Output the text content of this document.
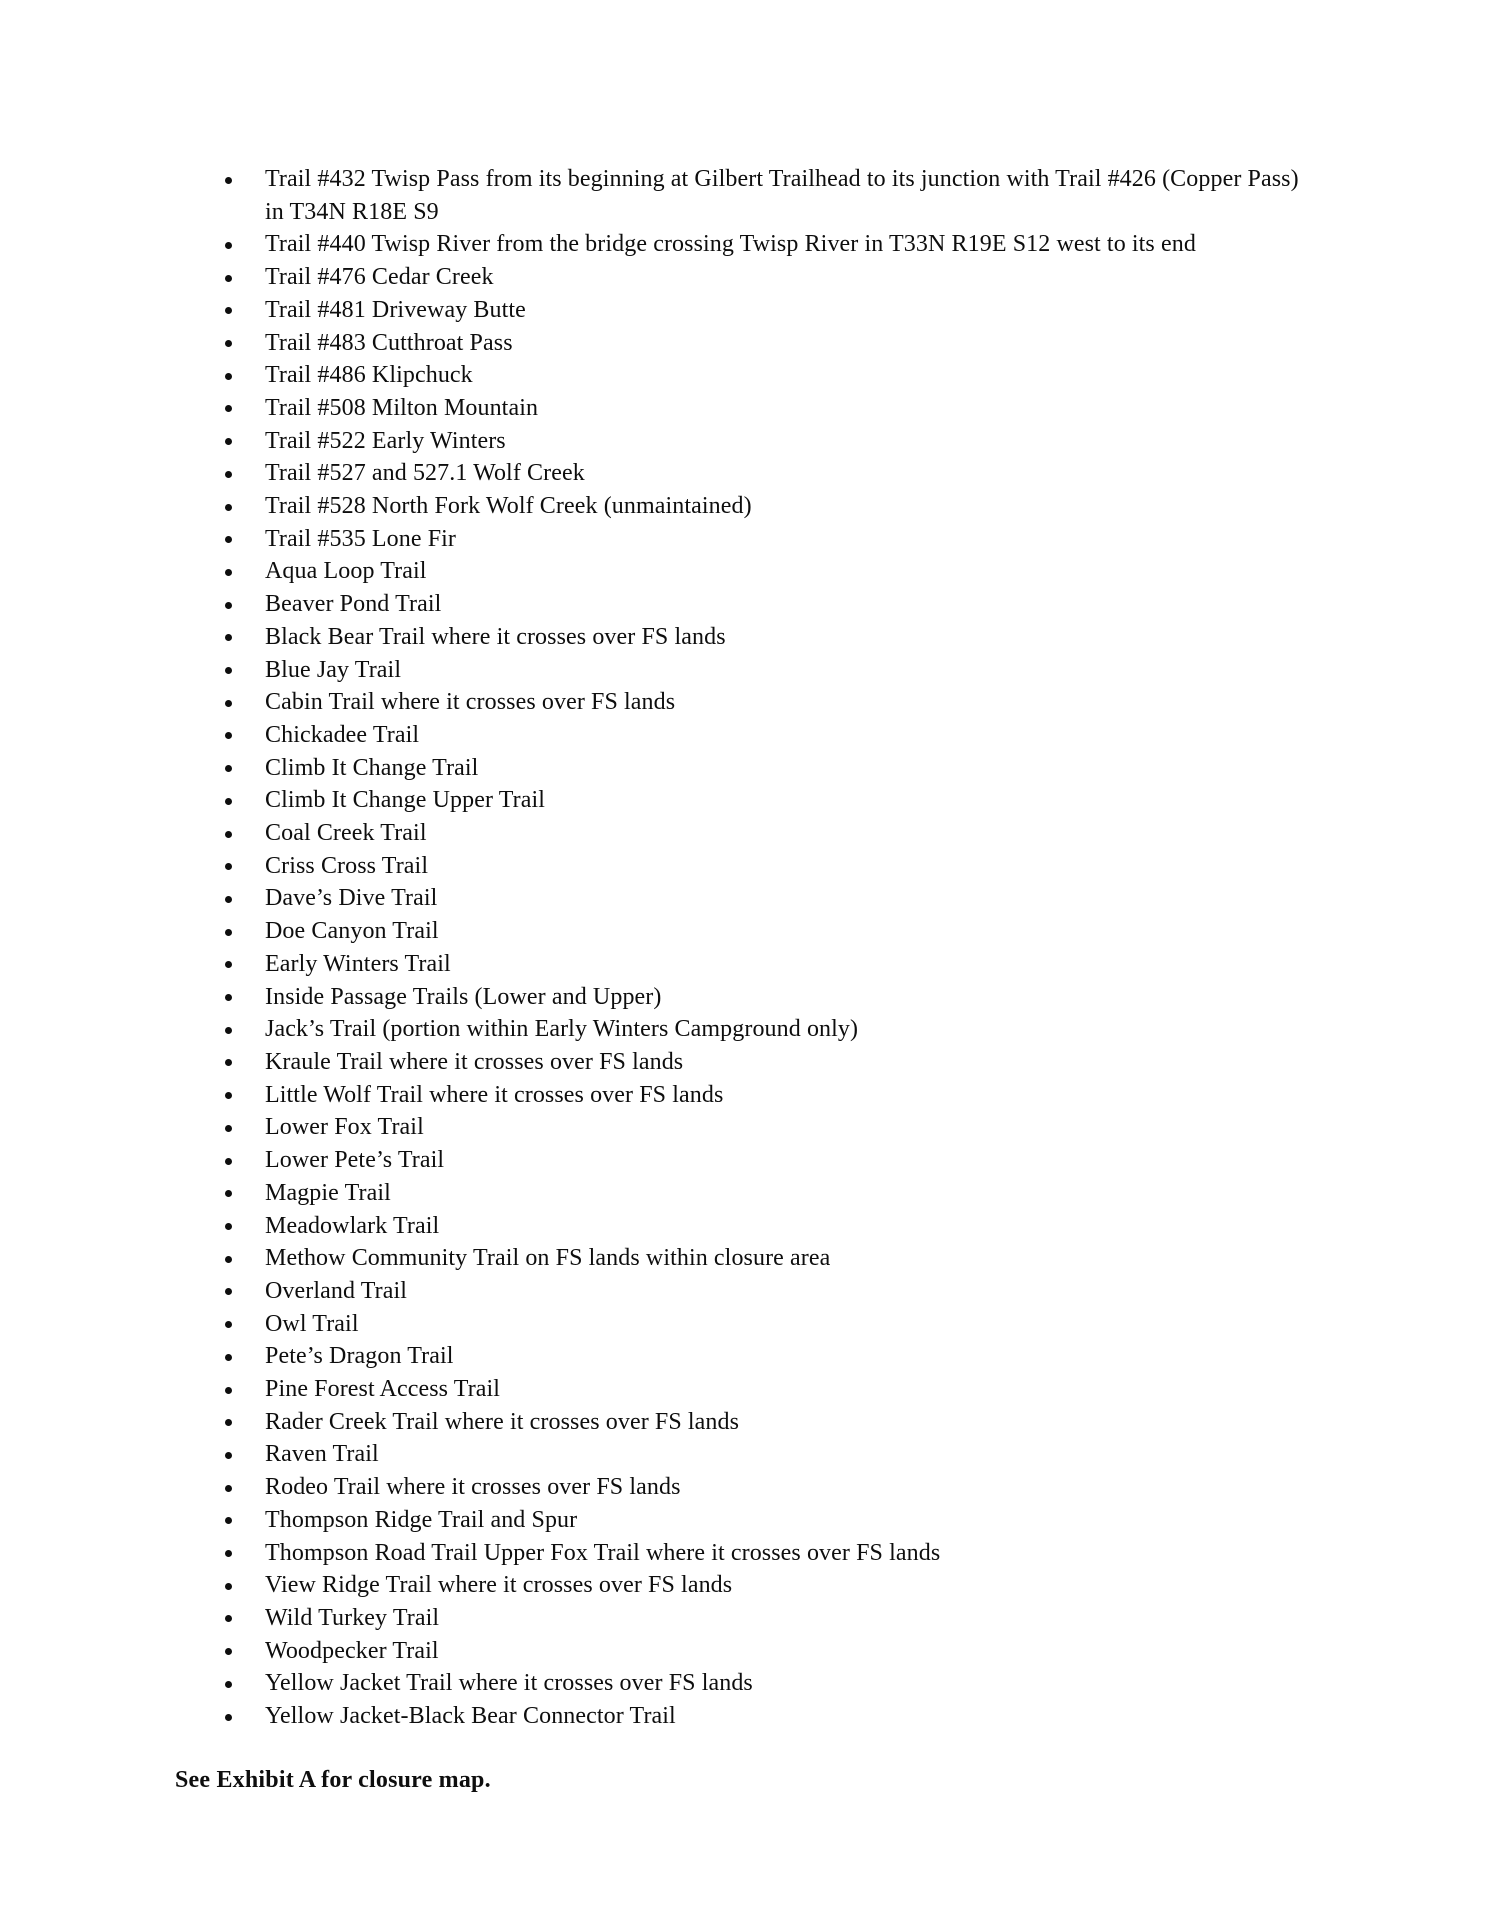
Trail #432 Twisp Pass from its beginning at Gilbert Trailhead to its junction with Trail #426 (Copper Pass) in T34N R18E S9
Trail #440 Twisp River from the bridge crossing Twisp River in T33N R19E S12 west to its end
Trail #476 Cedar Creek
Trail #481 Driveway Butte
Trail #483 Cutthroat Pass
Trail #486 Klipchuck
Trail #508 Milton Mountain
Trail #522 Early Winters
Trail #527 and 527.1 Wolf Creek
Trail #528 North Fork Wolf Creek (unmaintained)
Trail #535 Lone Fir
Aqua Loop Trail
Beaver Pond Trail
Black Bear Trail where it crosses over FS lands
Blue Jay Trail
Cabin Trail where it crosses over FS lands
Chickadee Trail
Climb It Change Trail
Climb It Change Upper Trail
Coal Creek Trail
Criss Cross Trail
Dave’s Dive Trail
Doe Canyon Trail
Early Winters Trail
Inside Passage Trails (Lower and Upper)
Jack’s Trail (portion within Early Winters Campground only)
Kraule Trail where it crosses over FS lands
Little Wolf Trail where it crosses over FS lands
Lower Fox Trail
Lower Pete’s Trail
Magpie Trail
Meadowlark Trail
Methow Community Trail on FS lands within closure area
Overland Trail
Owl Trail
Pete’s Dragon Trail
Pine Forest Access Trail
Rader Creek Trail where it crosses over FS lands
Raven Trail
Rodeo Trail where it crosses over FS lands
Thompson Ridge Trail and Spur
Thompson Road Trail Upper Fox Trail where it crosses over FS lands
View Ridge Trail where it crosses over FS lands
Wild Turkey Trail
Woodpecker Trail
Yellow Jacket Trail where it crosses over FS lands
Yellow Jacket-Black Bear Connector Trail

See Exhibit A for closure map.
